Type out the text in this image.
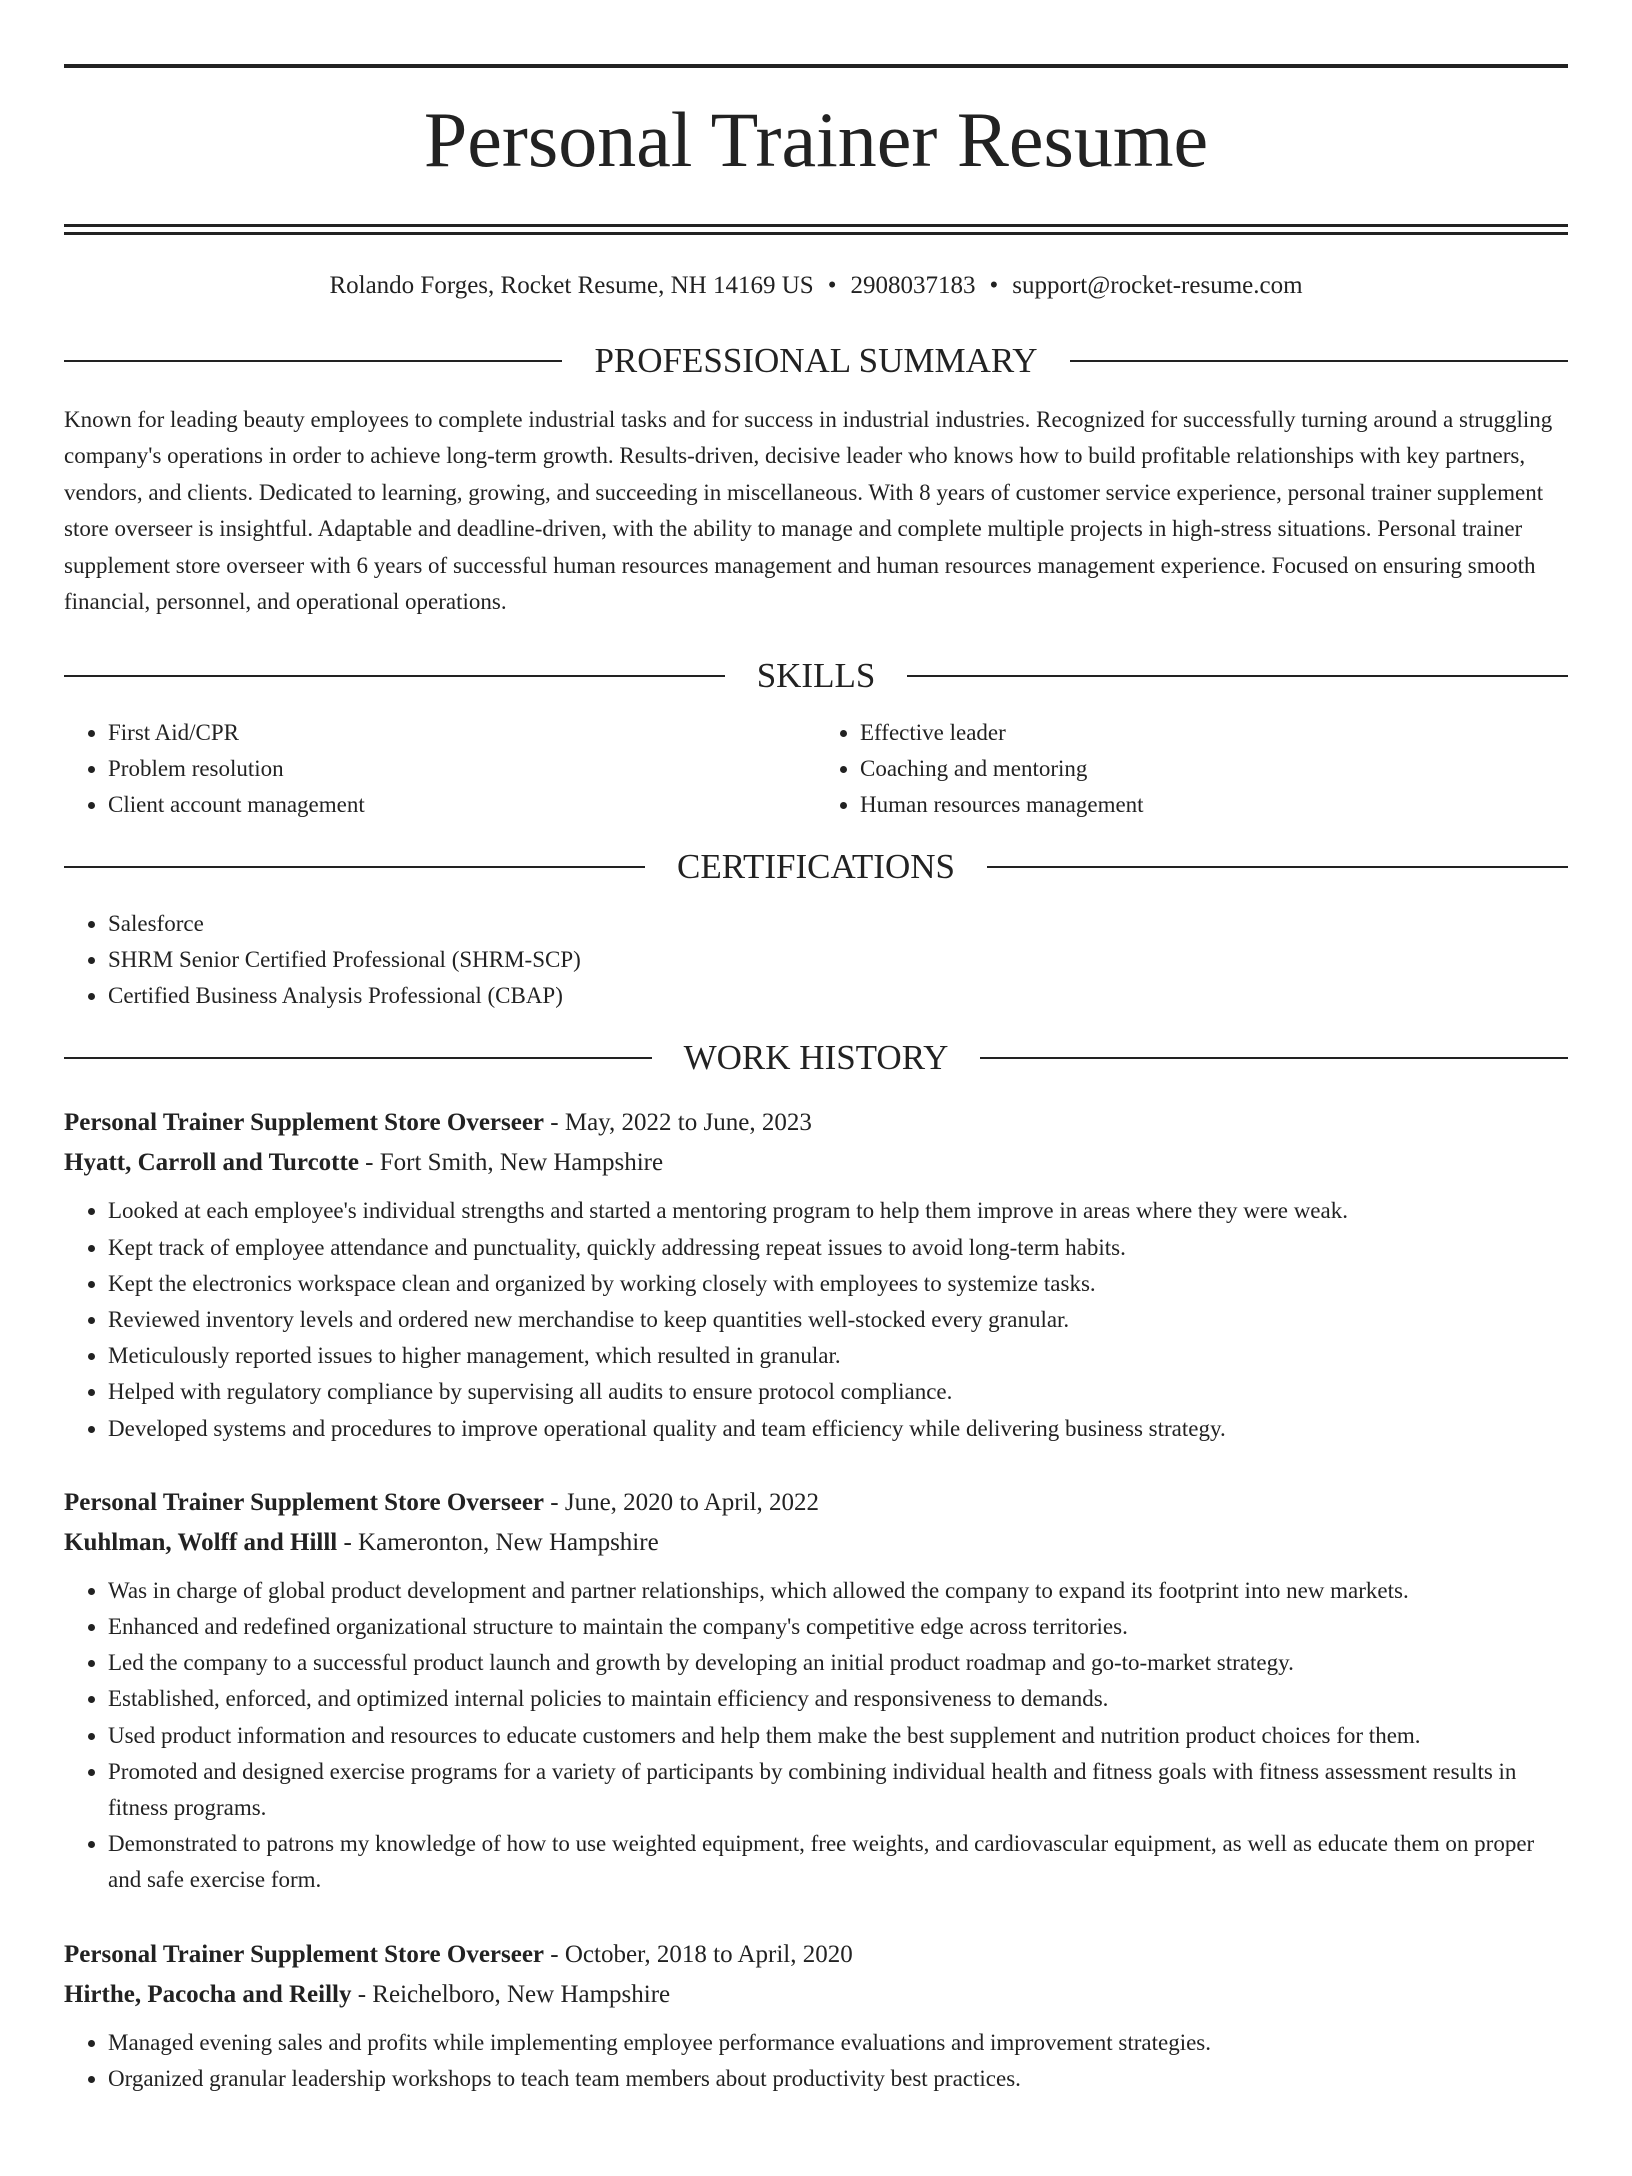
Personal Trainer Resume
Rolando Forges, Rocket Resume, NH 14169 US • 2908037183 • support@rocket-resume.com
PROFESSIONAL SUMMARY
Known for leading beauty employees to complete industrial tasks and for success in industrial industries. Recognized for successfully turning around a struggling company's operations in order to achieve long-term growth. Results-driven, decisive leader who knows how to build profitable relationships with key partners, vendors, and clients. Dedicated to learning, growing, and succeeding in miscellaneous. With 8 years of customer service experience, personal trainer supplement store overseer is insightful. Adaptable and deadline-driven, with the ability to manage and complete multiple projects in high-stress situations. Personal trainer supplement store overseer with 6 years of successful human resources management and human resources management experience. Focused on ensuring smooth financial, personnel, and operational operations.
SKILLS
• First Aid/CPR
• Problem resolution
• Client account management
• Effective leader
• Coaching and mentoring
• Human resources management
CERTIFICATIONS
• Salesforce
• SHRM Senior Certified Professional (SHRM-SCP)
• Certified Business Analysis Professional (CBAP)
WORK HISTORY
Personal Trainer Supplement Store Overseer - May, 2022 to June, 2023
Hyatt, Carroll and Turcotte - Fort Smith, New Hampshire
• Looked at each employee's individual strengths and started a mentoring program to help them improve in areas where they were weak.
• Kept track of employee attendance and punctuality, quickly addressing repeat issues to avoid long-term habits.
• Kept the electronics workspace clean and organized by working closely with employees to systemize tasks.
• Reviewed inventory levels and ordered new merchandise to keep quantities well-stocked every granular.
• Meticulously reported issues to higher management, which resulted in granular.
• Helped with regulatory compliance by supervising all audits to ensure protocol compliance.
• Developed systems and procedures to improve operational quality and team efficiency while delivering business strategy.
Personal Trainer Supplement Store Overseer - June, 2020 to April, 2022
Kuhlman, Wolff and Hilll - Kameronton, New Hampshire
• Was in charge of global product development and partner relationships, which allowed the company to expand its footprint into new markets.
• Enhanced and redefined organizational structure to maintain the company's competitive edge across territories.
• Led the company to a successful product launch and growth by developing an initial product roadmap and go-to-market strategy.
• Established, enforced, and optimized internal policies to maintain efficiency and responsiveness to demands.
• Used product information and resources to educate customers and help them make the best supplement and nutrition product choices for them.
• Promoted and designed exercise programs for a variety of participants by combining individual health and fitness goals with fitness assessment results in fitness programs.
• Demonstrated to patrons my knowledge of how to use weighted equipment, free weights, and cardiovascular equipment, as well as educate them on proper and safe exercise form.
Personal Trainer Supplement Store Overseer - October, 2018 to April, 2020
Hirthe, Pacocha and Reilly - Reichelboro, New Hampshire
• Managed evening sales and profits while implementing employee performance evaluations and improvement strategies.
• Organized granular leadership workshops to teach team members about productivity best practices.
